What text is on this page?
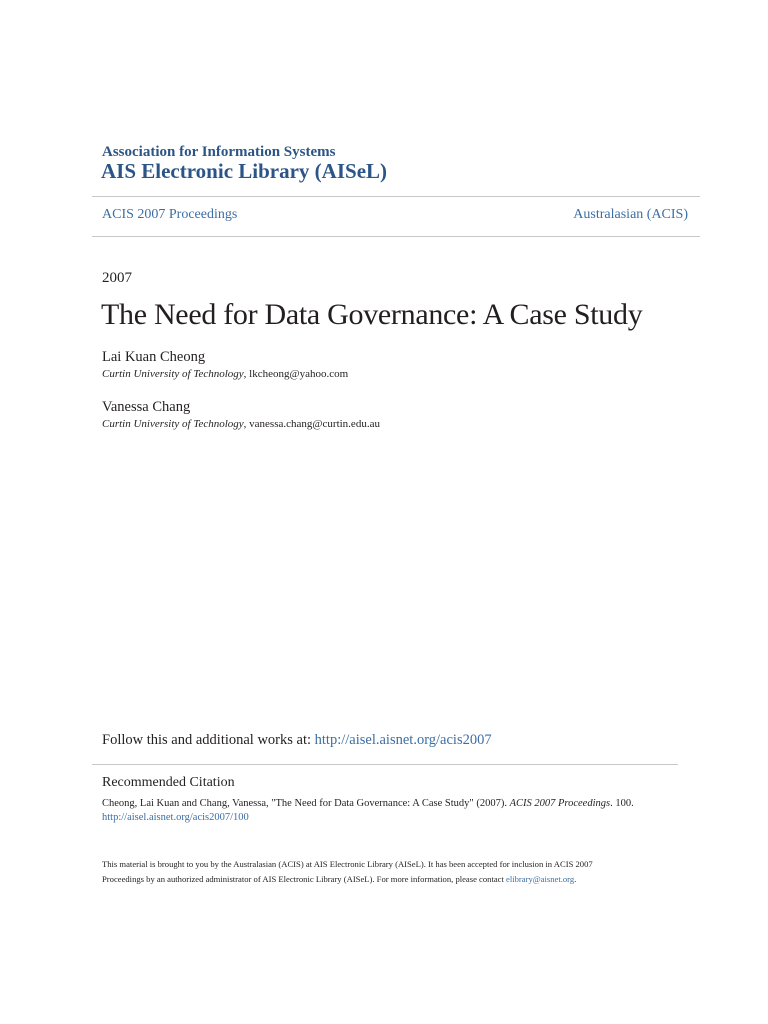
Association for Information Systems
AIS Electronic Library (AISeL)
ACIS 2007 Proceedings	Australasian (ACIS)
2007
The Need for Data Governance: A Case Study
Lai Kuan Cheong
Curtin University of Technology, lkcheong@yahoo.com
Vanessa Chang
Curtin University of Technology, vanessa.chang@curtin.edu.au
Follow this and additional works at: http://aisel.aisnet.org/acis2007
Recommended Citation
Cheong, Lai Kuan and Chang, Vanessa, "The Need for Data Governance: A Case Study" (2007). ACIS 2007 Proceedings. 100.
http://aisel.aisnet.org/acis2007/100
This material is brought to you by the Australasian (ACIS) at AIS Electronic Library (AISeL). It has been accepted for inclusion in ACIS 2007
Proceedings by an authorized administrator of AIS Electronic Library (AISeL). For more information, please contact elibrary@aisnet.org.
